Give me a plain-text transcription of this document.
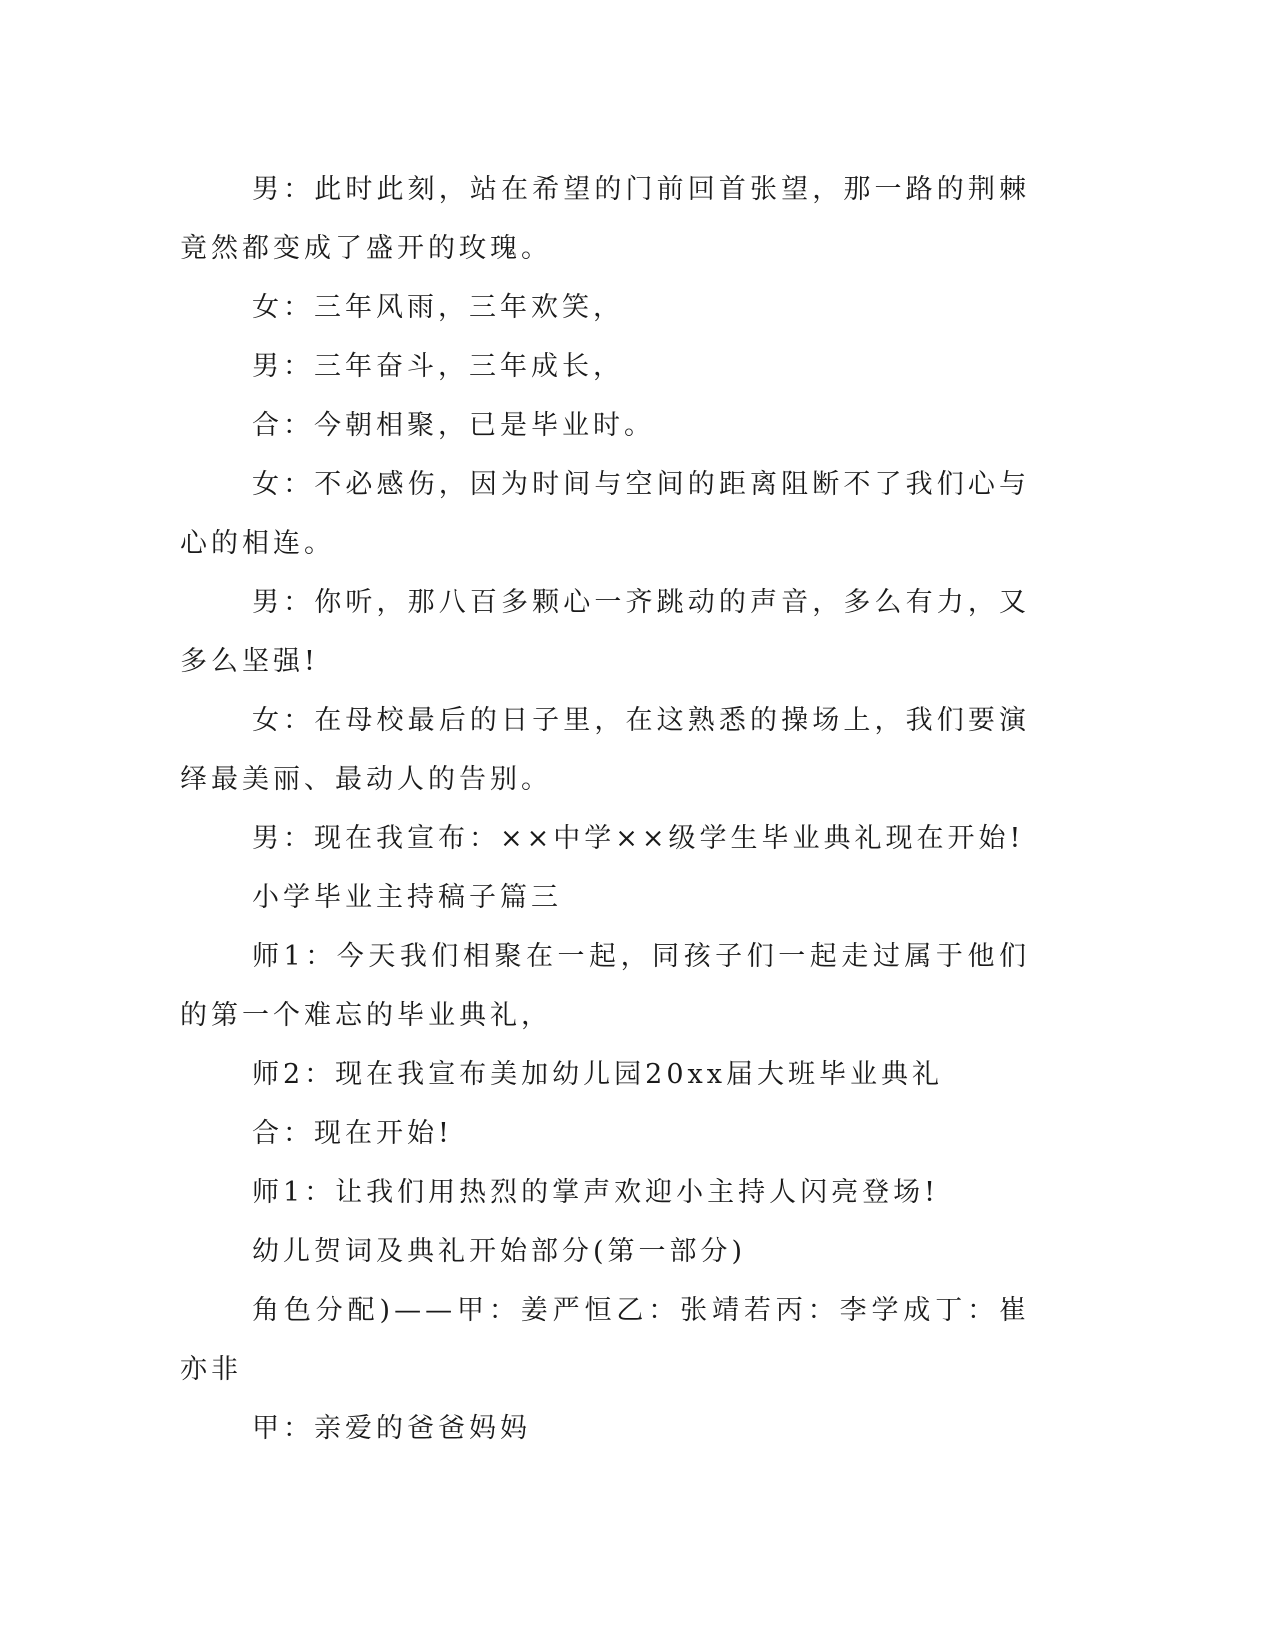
男：此时此刻，站在希望的门前回首张望，那一路的荆棘竟然都变成了盛开的玫瑰。

女：三年风雨，三年欢笑，

男：三年奋斗，三年成长，

合：今朝相聚，已是毕业时。

女：不必感伤，因为时间与空间的距离阻断不了我们心与心的相连。

男：你听，那八百多颗心一齐跳动的声音，多么有力，又多么坚强!

女：在母校最后的日子里，在这熟悉的操场上，我们要演绎最美丽、最动人的告别。

男：现在我宣布：××中学××级学生毕业典礼现在开始!

小学毕业主持稿子篇三

师1：今天我们相聚在一起，同孩子们一起走过属于他们的第一个难忘的毕业典礼，

师2：现在我宣布美加幼儿园20xx届大班毕业典礼

合：现在开始!

师1：让我们用热烈的掌声欢迎小主持人闪亮登场!

幼儿贺词及典礼开始部分(第一部分)

角色分配)——甲：姜严恒乙：张靖若丙：李学成丁：崔亦非

甲：亲爱的爸爸妈妈
